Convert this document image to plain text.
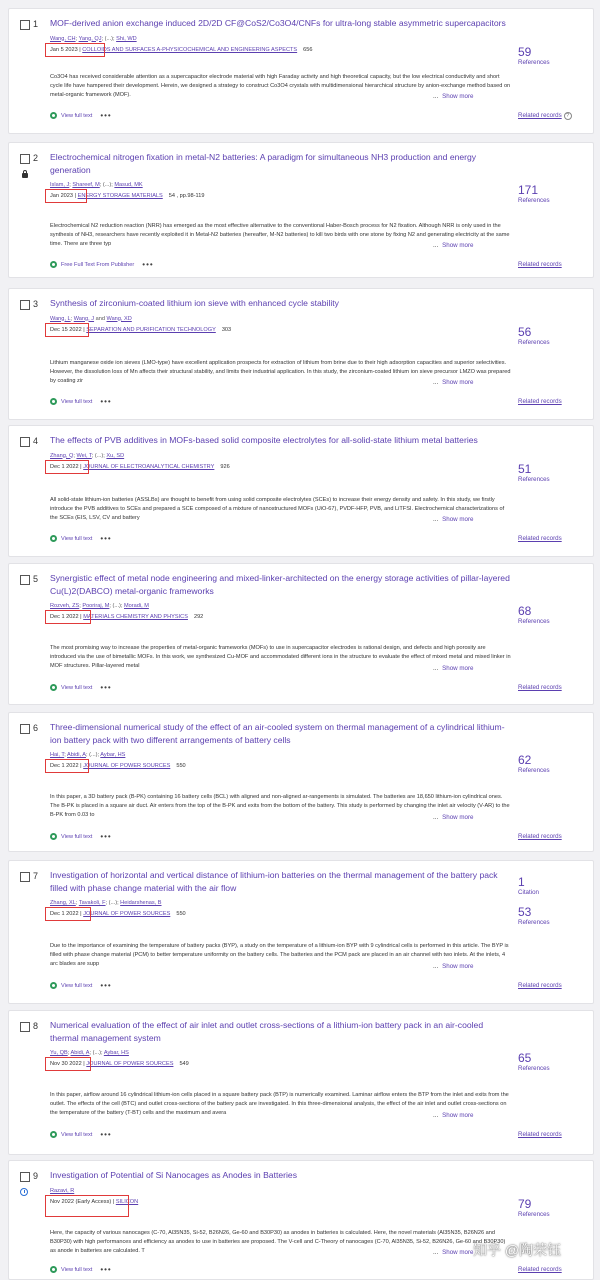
1 MOF-derived anion exchange induced 2D/2D CF@CoS2/Co3O4/CNFs for ultra-long stable asymmetric supercapacitors
Wang, CH; Yang, QJ; (...); Shi, WD
Jan 5 2023 | COLLOIDS AND SURFACES A-PHYSICOCHEMICAL AND ENGINEERING ASPECTS 656
Co3O4 has received considerable attention as a supercapacitor electrode material with high Faraday activity and high theoretical capacity, but the low electrical conductivity and short cycle life have hampered their development. Herein, we designed a strategy to construct Co3O4 crystals with multidimensional hierarchical structure by anion-exchange method based on metal-organic framework (MOF).	... Show more
View full text •••
59
References
Related records ?
2 Electrochemical nitrogen fixation in metal-N2 batteries: A paradigm for simultaneous NH3 production and energy generation
Islam, J; Shareef, M; (...); Masud, MK
Jan 2023 | ENERGY STORAGE MATERIALS 54 , pp.98-119
Electrochemical N2 reduction reaction (NRR) has emerged as the most effective alternative to the conventional Haber-Bosch process for N2 fixation. Although NRR is only used in the synthesis of NH3, researchers have recently exploited it in Metal-N2 batteries (hereafter, M-N2 batteries) to kill two birds with one stone by fixing N2 and generating electricity at the same time. There are three typ	... Show more
Free Full Text From Publisher •••
171
References
Related records
3 Synthesis of zirconium-coated lithium ion sieve with enhanced cycle stability
Wang, L; Wang, J and Wang, XD
Dec 15 2022 | SEPARATION AND PURIFICATION TECHNOLOGY 303
Lithium manganese oxide ion sieves (LMO-type) have excellent application prospects for extraction of lithium from brine due to their high adsorption capacities and superior selectivities. However, the dissolution loss of Mn affects their structural stability, and limits their industrial application. In this study, the zirconium-coated lithium ion sieve precursor LMZO was prepared by coating zir	... Show more
View full text •••
56
References
Related records
4 The effects of PVB additives in MOFs-based solid composite electrolytes for all-solid-state lithium metal batteries
Zhang, Q; Wei, T; (...); Xu, SD
Dec 1 2022 | JOURNAL OF ELECTROANALYTICAL CHEMISTRY 926
All solid-state lithium-ion batteries (ASSLBs) are thought to benefit from using solid composite electrolytes (SCEs) to increase their energy density and safety. In this study, we firstly introduce the PVB additives to SCEs and prepared a SCE composed of a mixture of nanostructured MOFs (UiO-67), PVDF-HFP, PVB, and LiTFSI. Electrochemical characterizations of the SCEs (EIS, LSV, CV and battery	... Show more
View full text •••
51
References
Related records
5 Synergistic effect of metal node engineering and mixed-linker-architected on the energy storage activities of pillar-layered Cu(L)2(DABCO) metal-organic frameworks
Rozveh, ZS; Pooriraj, M; (...); Moradi, M
Dec 1 2022 | MATERIALS CHEMISTRY AND PHYSICS 292
The most promising way to increase the properties of metal-organic frameworks (MOFs) to use in supercapacitor electrodes is rational design, and defects and high porosity are introduced via the use of bimetallic MOFs. In this work, we synthesized Cu-MOF and accommodated different ions in the structure to evaluate the effect of mixed metal and mixed linker in MOF structures. Pillar-layered metal	... Show more
View full text •••
68
References
Related records
6 Three-dimensional numerical study of the effect of an air-cooled system on thermal management of a cylindrical lithium-ion battery pack with two different arrangements of battery cells
Hai, T; Abidi, A; (...); Aybar, HS
Dec 1 2022 | JOURNAL OF POWER SOURCES 550
In this paper, a 3D battery pack (B-PK) containing 16 battery cells (BCL) with aligned and non-aligned ar-rangements is simulated. The batteries are 18,650 lithium-ion cylindrical ones. The B-PK is placed in a square air duct. Air enters from the top of the B-PK and exits from the bottom of the battery. This study is performed by changing the inlet air velocity (V-AR) to the B-PK from 0.03 to	... Show more
View full text •••
62
References
Related records
7 Investigation of horizontal and vertical distance of lithium-ion batteries on the thermal management of the battery pack filled with phase change material with the air flow
Zhang, XL; Tavakoli, F; (...); Heidarshenas, B
Dec 1 2022 | JOURNAL OF POWER SOURCES 550
Due to the importance of examining the temperature of battery packs (BYP), a study on the temperature of a lithium-ion BYP with 9 cylindrical cells is performed in this article. The BYP is filled with phase change material (PCM) to better temperature uniformity on the battery cells. The batteries and the PCM pack are placed in an air channel with two inlets. At the inlets, 4 arc blades are supp	... Show more
View full text •••
1
Citation
53
References
Related records
8 Numerical evaluation of the effect of air inlet and outlet cross-sections of a lithium-ion battery pack in an air-cooled thermal management system
Yu, QB; Abidi, A; (...); Aybar, HS
Nov 30 2022 | JOURNAL OF POWER SOURCES 549
In this paper, airflow around 16 cylindrical lithium-ion cells placed in a square battery pack (BTP) is numerically examined. Laminar airflow enters the BTP from the inlet and exits from the outlet. The effects of the cell (BTC) and outlet cross-sections of the battery pack are investigated. In this three-dimensional analysis, the effect of the air inlet and outlet cross-sections on the temperature of the battery (T-BT) cells and the maximum and avera	... Show more
View full text •••
65
References
Related records
9 Investigation of Potential of Si Nanocages as Anodes in Batteries
Razavi, R
Nov 2022 (Early Access) | SILICON
Here, the capacity of various nanocages (C-70, Al35N35, Si-52, B26N26, Ge-60 and B30P30) as anodes in batteries is calculated. Here, the novel materials (Al35N35, B26N26 and B30P30) with high performances and efficiency as anodes to use in batteries are proposed. The V-cell and C-Theory of nanocages (C-70, Al35N35, Si-52, B26N26, Ge-60 and B30P30) as anode in batteries are calculated. T	... Show more
View full text •••
79
References
Related records
知乎 @陶荣钰
